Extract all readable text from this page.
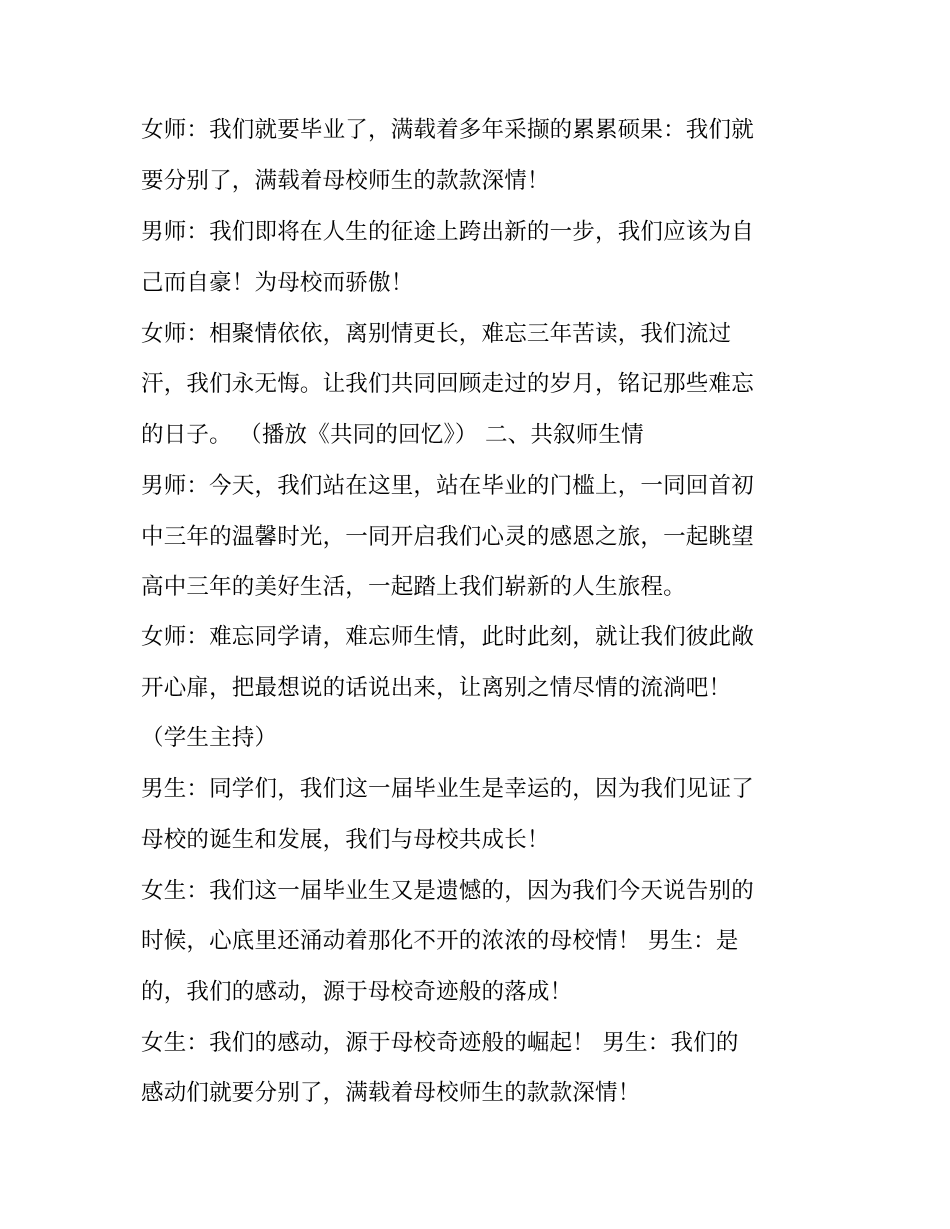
女师：我们就要毕业了，满载着多年采撷的累累硕果：我们就
要分别了，满载着母校师生的款款深情！
男师：我们即将在人生的征途上跨出新的一步，我们应该为自
己而自豪！为母校而骄傲！
女师：相聚情依依，离别情更长，难忘三年苦读，我们流过
汗，我们永无悔。让我们共同回顾走过的岁月，铭记那些难忘
的日子。 （播放《共同的回忆》） 二、共叙师生情
男师：今天，我们站在这里，站在毕业的门槛上，一同回首初
中三年的温馨时光，一同开启我们心灵的感恩之旅，一起眺望
高中三年的美好生活，一起踏上我们崭新的人生旅程。
女师：难忘同学请，难忘师生情，此时此刻，就让我们彼此敞
开心扉，把最想说的话说出来，让离别之情尽情的流淌吧！
（学生主持）
男生：同学们，我们这一届毕业生是幸运的，因为我们见证了
母校的诞生和发展，我们与母校共成长！
女生：我们这一届毕业生又是遗憾的，因为我们今天说告别的
时候，心底里还涌动着那化不开的浓浓的母校情！ 男生：是
的，我们的感动，源于母校奇迹般的落成！
女生：我们的感动，源于母校奇迹般的崛起！ 男生：我们的
感动们就要分别了，满载着母校师生的款款深情！
